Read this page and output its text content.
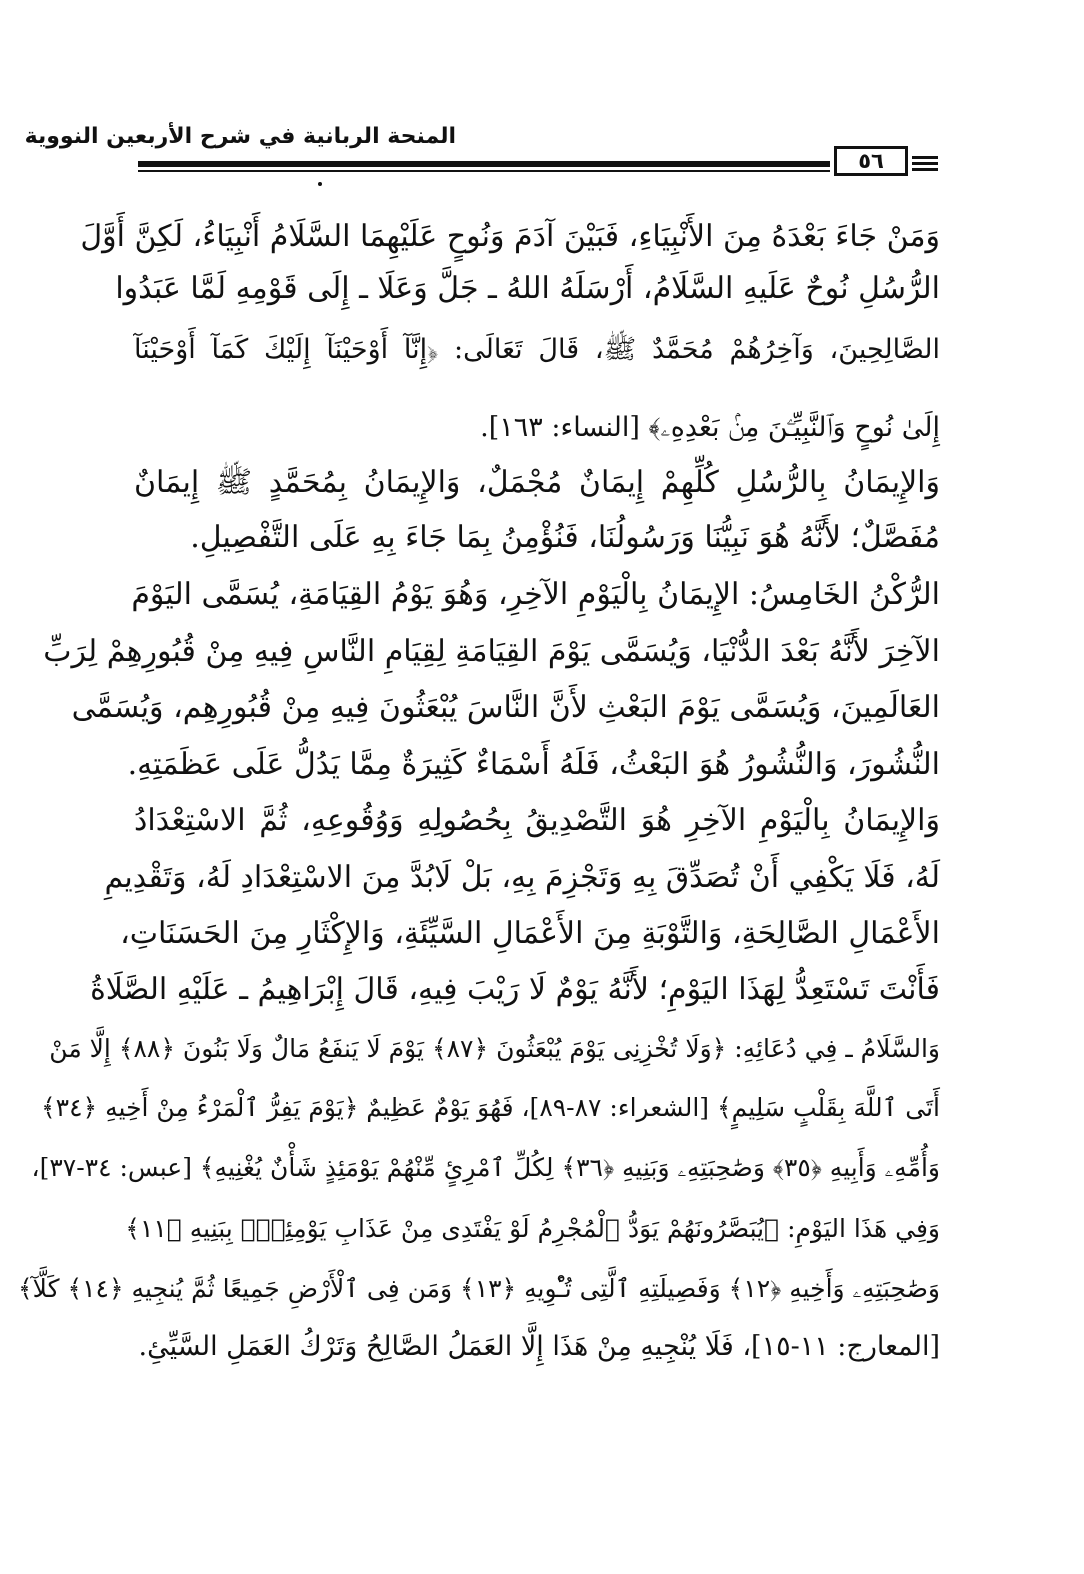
المنحة الربانية في شرح الأربعين النووية
٥٦
وَمَنْ جَاءَ بَعْدَهُ مِنَ الأَنْبِيَاءِ، فَبَيْنَ آدَمَ وَنُوحٍ عَلَيْهِمَا السَّلَامُ أَنْبِيَاءُ، لَكِنَّ أَوَّلَ
الرُّسُلِ نُوحٌ عَلَيهِ السَّلَامُ، أَرْسَلَهُ اللهُ ـ جَلَّ وَعَلَا ـ إِلَى قَوْمِهِ لَمَّا عَبَدُوا
الصَّالِحِينَ، وَآخِرُهُمْ مُحَمَّدٌ ﷺ، قَالَ تَعَالَى: ﴿إِنَّآ أَوْحَيْنَآ إِلَيْكَ كَمَآ أَوْحَيْنَآ
إِلَىٰ نُوحٍ وَٱلنَّبِيِّـۧنَ مِنۢ بَعْدِهِۦ﴾ [النساء: ١٦٣].
وَالإِيمَانُ بِالرُّسُلِ كُلِّهِمْ إِيمَانٌ مُجْمَلٌ، وَالإِيمَانُ بِمُحَمَّدٍ ﷺ إِيمَانٌ
مُفَصَّلٌ؛ لأَنَّهُ هُوَ نَبِيُّنَا وَرَسُولُنَا، فَنُؤْمِنُ بِمَا جَاءَ بِهِ عَلَى التَّفْصِيلِ.
الرُّكْنُ الخَامِسُ: الإِيمَانُ بِالْيَوْمِ الآخِرِ، وَهُوَ يَوْمُ القِيَامَةِ، يُسَمَّى اليَوْمَ
الآخِرَ لأَنَّهُ بَعْدَ الدُّنْيَا، وَيُسَمَّى يَوْمَ القِيَامَةِ لِقِيَامِ النَّاسِ فِيهِ مِنْ قُبُورِهِمْ لِرَبِّ
العَالَمِينَ، وَيُسَمَّى يَوْمَ البَعْثِ لأَنَّ النَّاسَ يُبْعَثُونَ فِيهِ مِنْ قُبُورِهِم، وَيُسَمَّى
النُّشُورَ، وَالنُّشُورُ هُوَ البَعْثُ، فَلَهُ أَسْمَاءٌ كَثِيرَةٌ مِمَّا يَدُلُّ عَلَى عَظَمَتِهِ.
وَالإِيمَانُ بِالْيَوْمِ الآخِرِ هُوَ التَّصْدِيقُ بِحُصُولِهِ وَوُقُوعِهِ، ثُمَّ الاسْتِعْدَادُ
لَهُ، فَلَا يَكْفِي أَنْ تُصَدِّقَ بِهِ وَتَجْزِمَ بِهِ، بَلْ لَابُدَّ مِنَ الاسْتِعْدَادِ لَهُ، وَتَقْدِيمِ
الأَعْمَالِ الصَّالِحَةِ، وَالتَّوْبَةِ مِنَ الأَعْمَالِ السَّيِّئَةِ، وَالإِكْثَارِ مِنَ الحَسَنَاتِ،
فَأَنْتَ تَسْتَعِدُّ لِهَذَا اليَوْمِ؛ لأَنَّهُ يَوْمٌ لَا رَيْبَ فِيهِ، قَالَ إِبْرَاهِيمُ ـ عَلَيْهِ الصَّلَاةُ
وَالسَّلَامُ ـ فِي دُعَائِهِ: ﴿وَلَا تُخْزِنِى يَوْمَ يُبْعَثُونَ ﴿٨٧﴾ يَوْمَ لَا يَنفَعُ مَالٌ وَلَا بَنُونَ ﴿٨٨﴾ إِلَّا مَنْ
أَتَى ٱللَّهَ بِقَلْبٍ سَلِيمٍ﴾ [الشعراء: ٨٧-٨٩]، فَهُوَ يَوْمٌ عَظِيمٌ ﴿يَوْمَ يَفِرُّ ٱلْمَرْءُ مِنْ أَخِيهِ ﴿٣٤﴾
وَأُمِّهِۦ وَأَبِيهِ ﴿٣٥﴾ وَصَٰحِبَتِهِۦ وَبَنِيهِ ﴿٣٦﴾ لِكُلِّ ٱمْرِئٍ مِّنْهُمْ يَوْمَئِذٍ شَأْنٌ يُغْنِيهِ﴾ [عبس: ٣٤-٣٧]،
وَفِي هَذَا اليَوْمِ: ﴿يُبَصَّرُونَهُمْ يَوَدُّ ٱلْمُجْرِمُ لَوْ يَفْتَدِى مِنْ عَذَابِ يَوْمِئِذٍۭ بِبَنِيهِ ﴿١١﴾
وَصَٰحِبَتِهِۦ وَأَخِيهِ ﴿١٢﴾ وَفَصِيلَتِهِ ٱلَّتِى تُـْٔوِيهِ ﴿١٣﴾ وَمَن فِى ٱلْأَرْضِ جَمِيعًا ثُمَّ يُنجِيهِ ﴿١٤﴾ كَلَّآ﴾
[المعارج: ١١-١٥]، فَلَا يُنْجِيهِ مِنْ هَذَا إِلَّا العَمَلُ الصَّالِحُ وَتَرْكُ العَمَلِ السَّيِّئِ.
